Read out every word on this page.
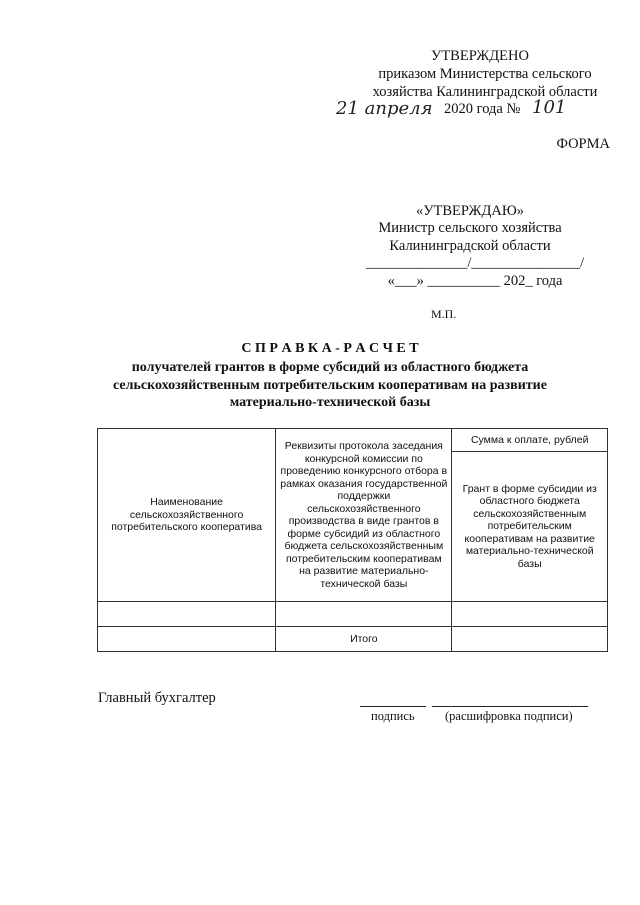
УТВЕРЖДЕНО
приказом Министерства сельского
хозяйства Калининградской области
21 апреля 2020 года № 101
ФОРМА
«УТВЕРЖДАЮ»
Министр сельского хозяйства
Калининградской области
______________/_______________/
«___» __________ 202_ года
М.П.
С П Р А В К А - Р А С Ч Е Т
получателей грантов в форме субсидий из областного бюджета
сельскохозяйственным потребительским кооперативам на развитие
материально-технической базы
Наименование сельскохозяйственного потребительского кооператива	Реквизиты протокола заседания конкурсной комиссии по проведению конкурсного отбора в рамках оказания государственной поддержки сельскохозяйственного производства в виде грантов в форме субсидий из областного бюджета сельскохозяйственным потребительским кооперативам на развитие материально-технической базы	Сумма к оплате, рублей
		Грант в форме субсидии из областного бюджета сельскохозяйственным потребительским кооперативам на развитие материально-технической базы

	Итого	
Главный бухгалтер
подпись (расшифровка подписи)
